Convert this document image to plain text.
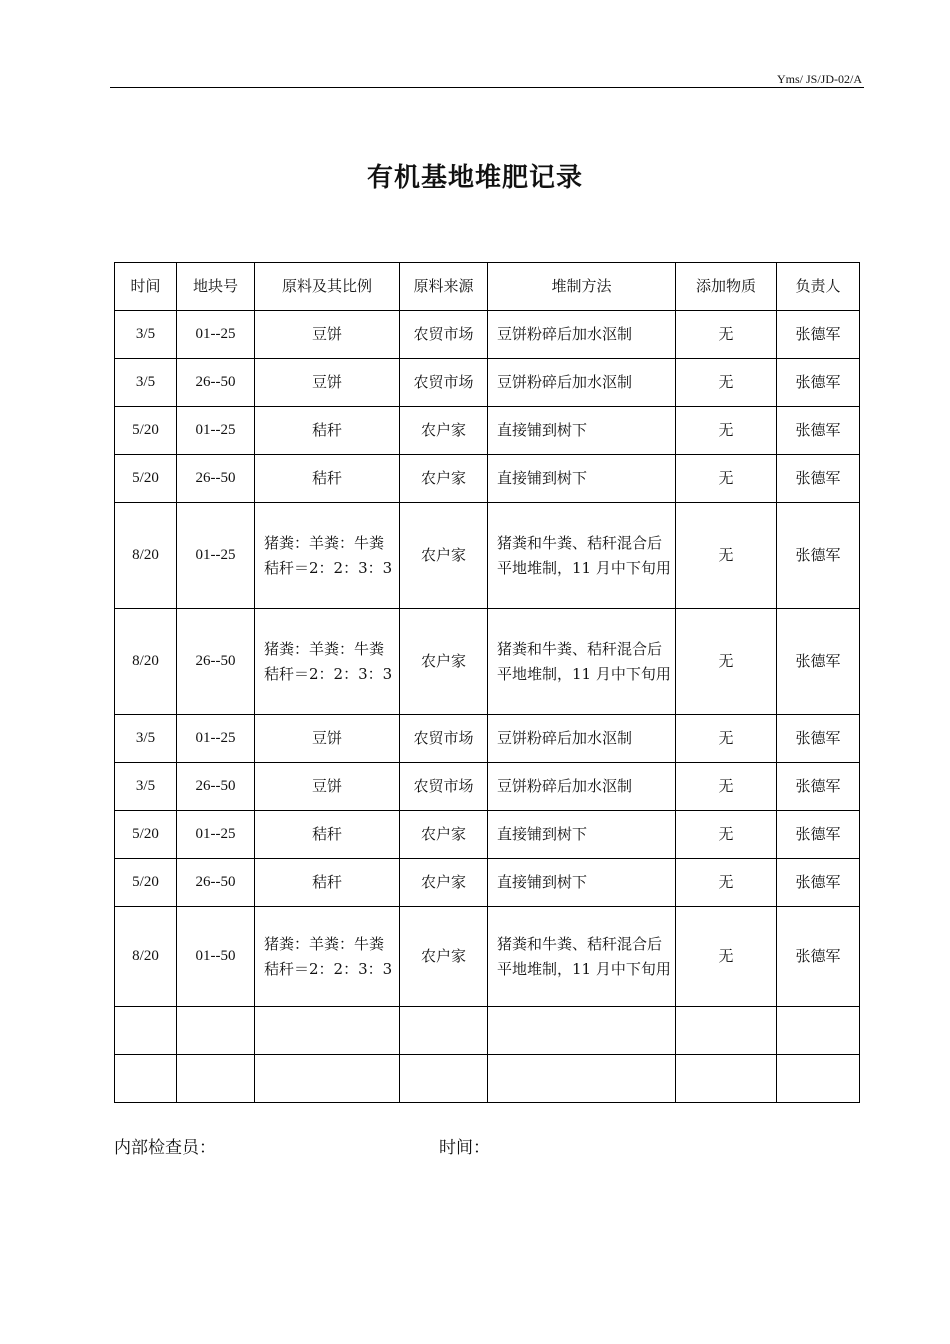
Yms/ JS/JD-02/A
有机基地堆肥记录
时间	地块号	原料及其比例	原料来源	堆制方法	添加物质	负责人
3/5	01--25	豆饼	农贸市场	豆饼粉碎后加水沤制	无	张德军
3/5	26--50	豆饼	农贸市场	豆饼粉碎后加水沤制	无	张德军
5/20	01--25	秸秆	农户家	直接铺到树下	无	张德军
5/20	26--50	秸秆	农户家	直接铺到树下	无	张德军
8/20	01--25	猪粪：羊粪：牛粪秸秆＝2：2：3：3	农户家	猪粪和牛粪、秸秆混合后平地堆制，11 月中下旬用	无	张德军
8/20	26--50	猪粪：羊粪：牛粪秸秆＝2：2：3：3	农户家	猪粪和牛粪、秸秆混合后平地堆制，11 月中下旬用	无	张德军
3/5	01--25	豆饼	农贸市场	豆饼粉碎后加水沤制	无	张德军
3/5	26--50	豆饼	农贸市场	豆饼粉碎后加水沤制	无	张德军
5/20	01--25	秸秆	农户家	直接铺到树下	无	张德军
5/20	26--50	秸秆	农户家	直接铺到树下	无	张德军
8/20	01--50	猪粪：羊粪：牛粪秸秆＝2：2：3：3	农户家	猪粪和牛粪、秸秆混合后平地堆制，11 月中下旬用	无	张德军

内部检查员：	时间：
